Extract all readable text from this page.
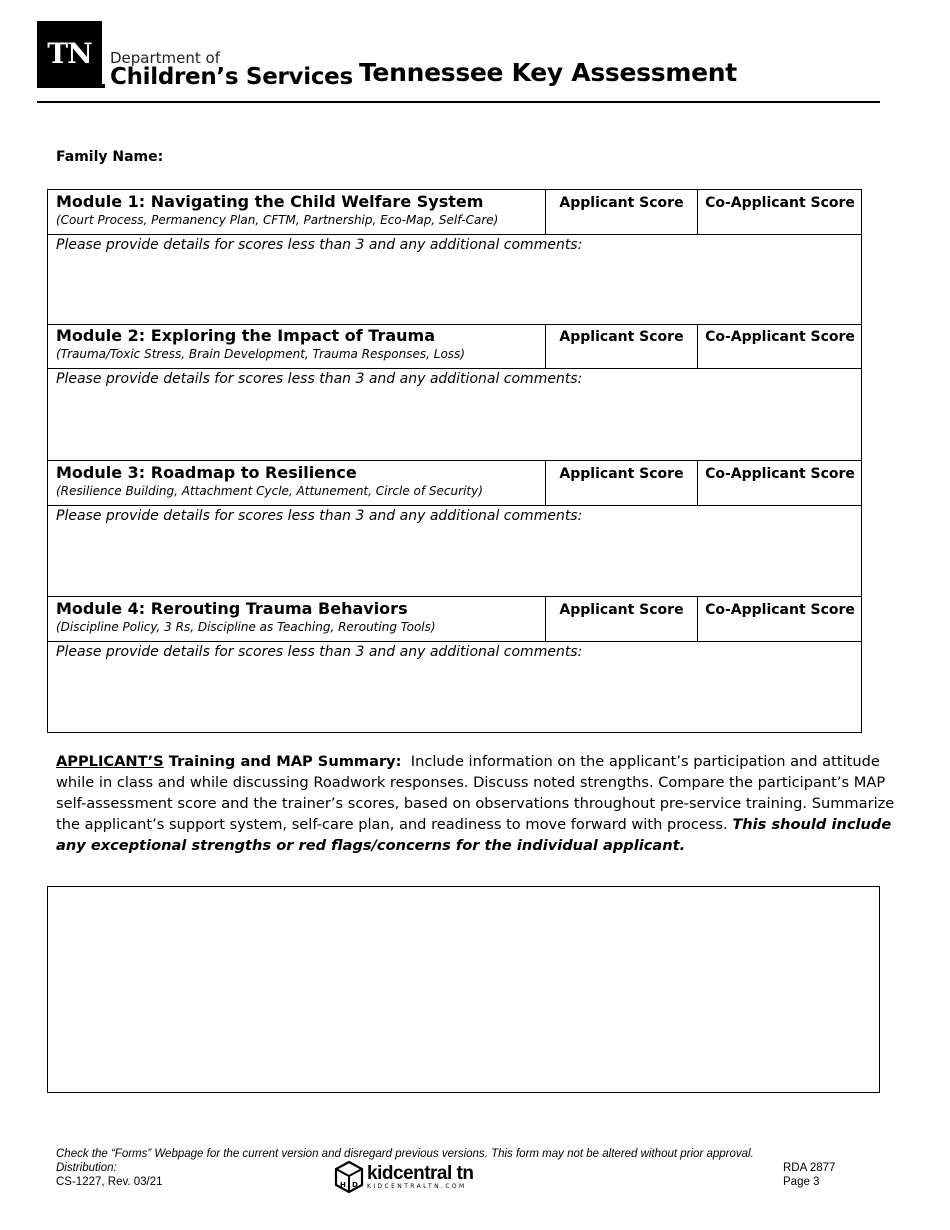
TN Department of
Children’s Services Tennessee Key Assessment
Family Name:
Module 1: Navigating the Child Welfare System
(Court Process, Permanency Plan, CFTM, Partnership, Eco-Map, Self-Care)
Applicant Score	Co-Applicant Score
Please provide details for scores less than 3 and any additional comments:
Module 2: Exploring the Impact of Trauma
(Trauma/Toxic Stress, Brain Development, Trauma Responses, Loss)
Applicant Score	Co-Applicant Score
Please provide details for scores less than 3 and any additional comments:
Module 3: Roadmap to Resilience
(Resilience Building, Attachment Cycle, Attunement, Circle of Security)
Applicant Score	Co-Applicant Score
Please provide details for scores less than 3 and any additional comments:
Module 4: Rerouting Trauma Behaviors
(Discipline Policy, 3 Rs, Discipline as Teaching, Rerouting Tools)
Applicant Score	Co-Applicant Score
Please provide details for scores less than 3 and any additional comments:
APPLICANT’S Training and MAP Summary: Include information on the applicant’s participation and attitude while in class and while discussing Roadwork responses. Discuss noted strengths. Compare the participant’s MAP self-assessment score and the trainer’s scores, based on observations throughout pre-service training. Summarize the applicant’s support system, self-care plan, and readiness to move forward with process. This should include any exceptional strengths or red flags/concerns for the individual applicant.
Check the “Forms” Webpage for the current version and disregard previous versions. This form may not be altered without prior approval.
Distribution:
CS-1227, Rev. 03/21
RDA 2877
Page 3
H D
kidcentral tn
KIDCENTRALTN.COM
